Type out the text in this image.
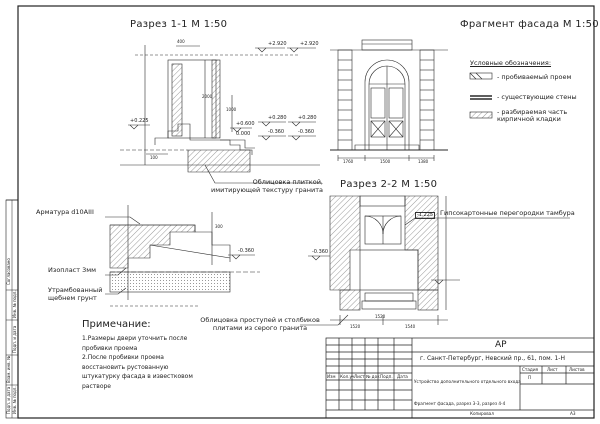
Разрез 1-1 М 1:50	Фрагмент фасада М 1:50
Разрез 2-2 М 1:50
Условные обозначения:
- пробиваемый проем
- существующие стены
- разбираемая часть кирпичной кладки
Облицовка плиткой, имитирующей текстуру гранита
Арматура d10АIII
Изопласт 3мм
Утрамбованный щебнем грунт
Облицовка проступей и столбиков плитами из серого гранита
Гипсокартонные перегородки тамбура
Примечание:
1.Размеры двери уточнить после пробивки проема
2.После пробивки проема восстановить рустованную штукатурку фасада в известковом растворе
+2.920	+2.920
+0.225	+0.600
+0.280 +0.280
-0.360	-0.360
0.000
-0.360	-0.360
-1.225
400
100
1000
2000
1760	1500	1380
1520
300
1520	1540
Согласовано
Инв. № подл.
Подп. и дата
Взам. инв. №
Подп. и дата Инв. № подл.
АР
г. Санкт-Петербург, Невский пр., 61, пом. 1-Н
Устройство дополнительного отдельного входа
Фрагмент фасада, разрез 3-3, разрез 4-4
Изм Кол.уч Лист № док Подп. Дата
Стадия Лист	Листов
П
Копировал	А3
